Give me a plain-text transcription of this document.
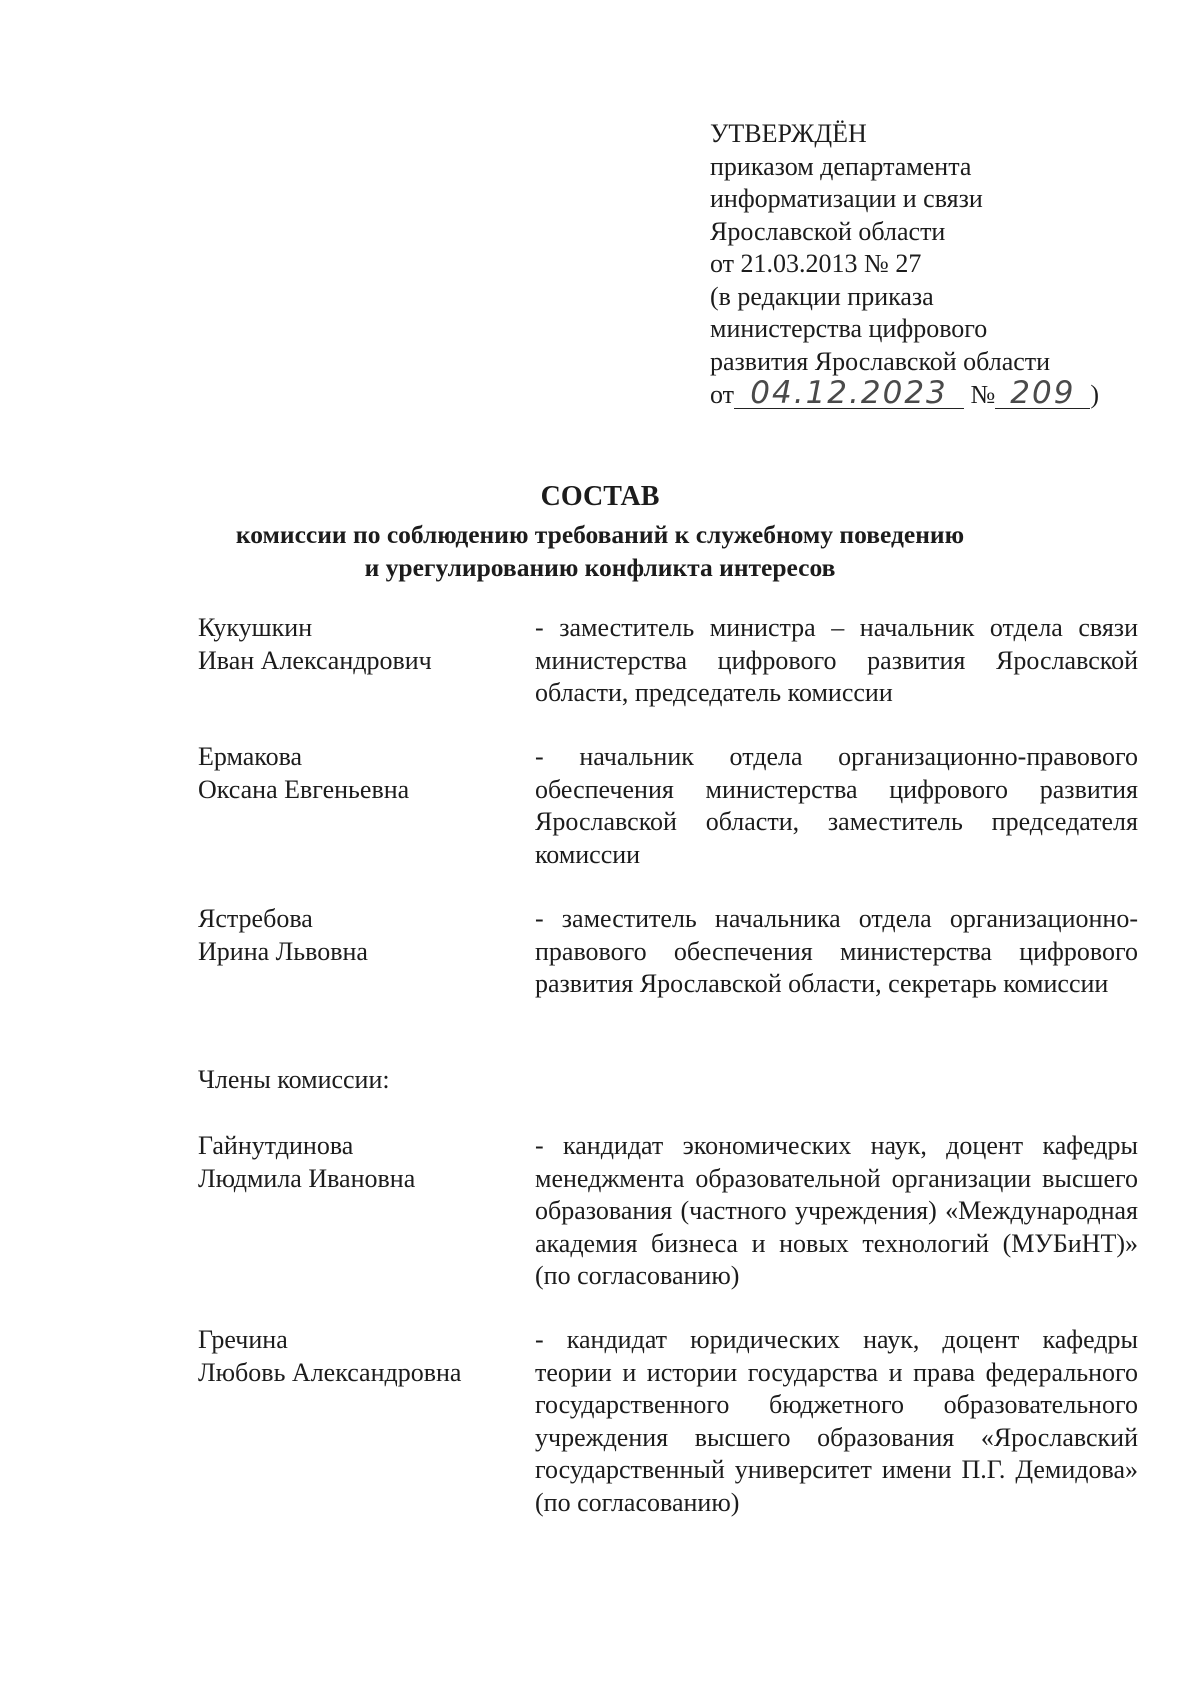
УТВЕРЖДЁН
приказом департамента
информатизации и связи
Ярославской области
от 21.03.2013 № 27
(в редакции приказа
министерства цифрового
развития Ярославской области
от 04.12.2023 № 209 )
СОСТАВ
комиссии по соблюдению требований к служебному поведению
и урегулированию конфликта интересов
Кукушкин
Иван Александрович
- заместитель министра – начальник отдела связи министерства цифрового развития Ярославской области, председатель комиссии
Ермакова
Оксана Евгеньевна
- начальник отдела организационно-правового обеспечения министерства цифрового развития Ярославской области, заместитель председателя комиссии
Ястребова
Ирина Львовна
- заместитель начальника отдела организационно-правового обеспечения министерства цифрового развития Ярославской области, секретарь комиссии
Члены комиссии:
Гайнутдинова
Людмила Ивановна
- кандидат экономических наук, доцент кафедры менеджмента образовательной организации высшего образования (частного учреждения) «Международная академия бизнеса и новых технологий (МУБиНТ)» (по согласованию)
Гречина
Любовь Александровна
- кандидат юридических наук, доцент кафедры теории и истории государства и права федерального государственного бюджетного образовательного учреждения высшего образования «Ярославский государственный университет имени П.Г. Демидова» (по согласованию)
